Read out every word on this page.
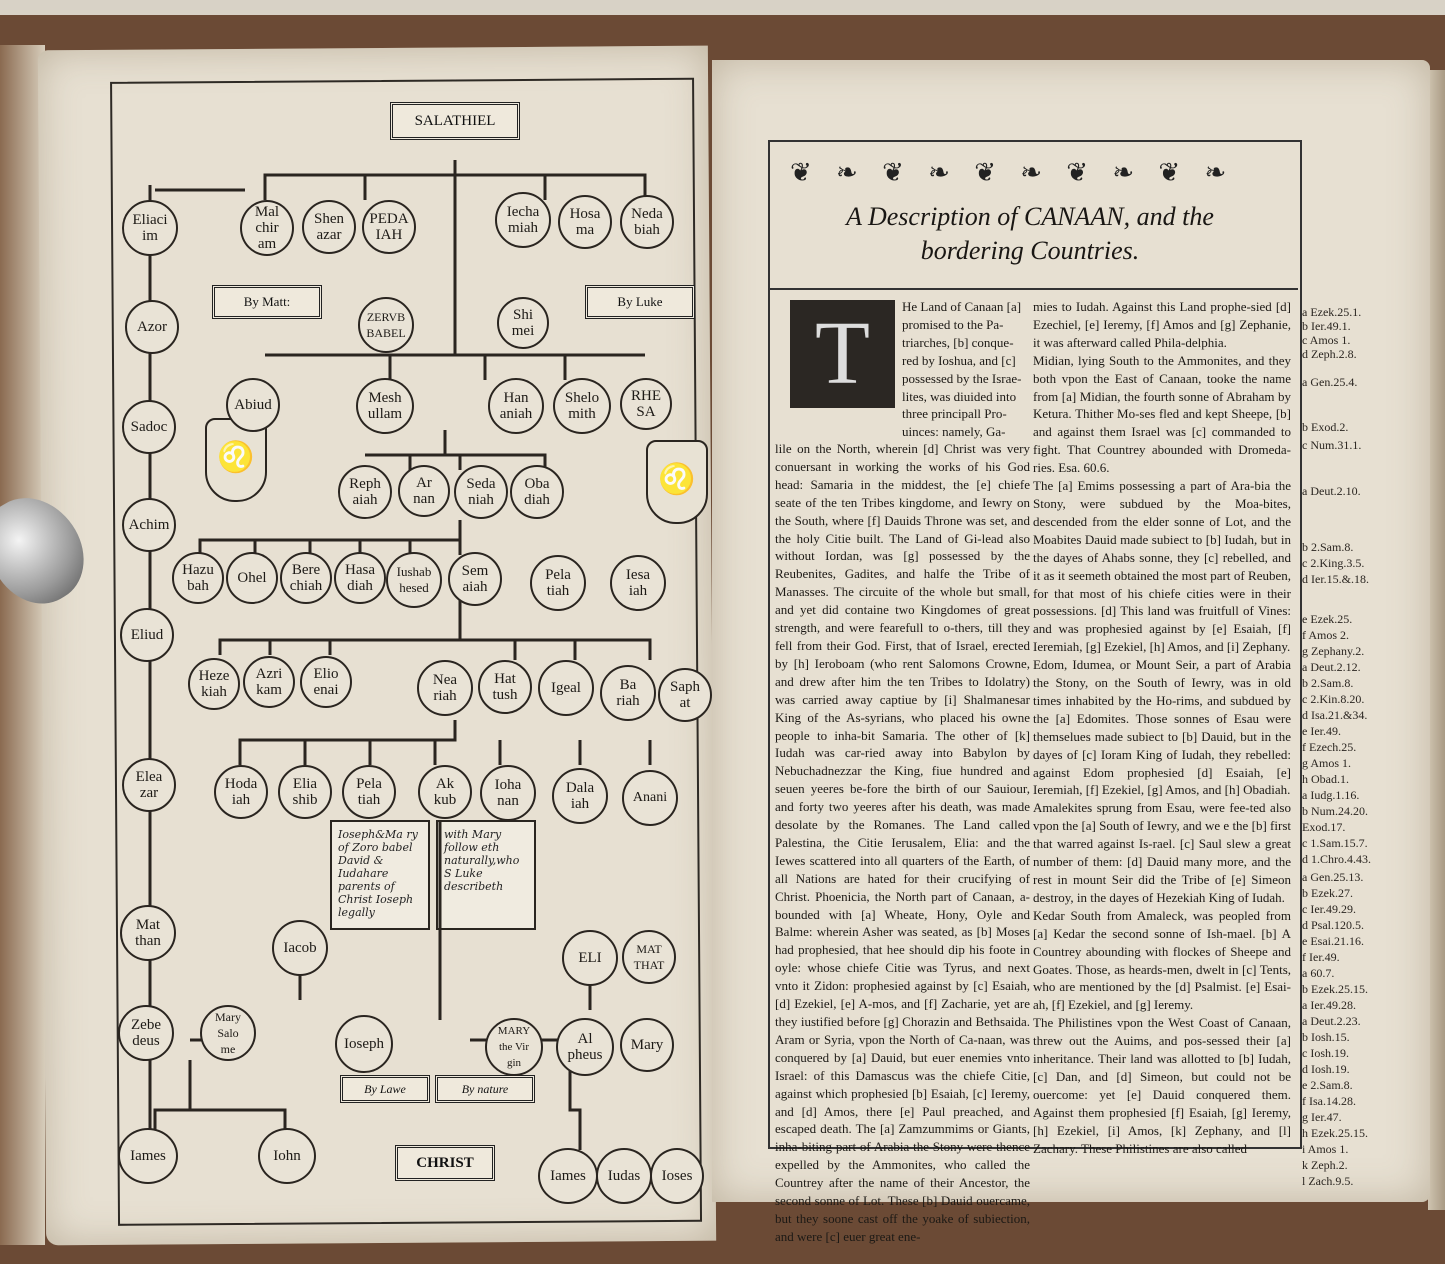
SALATHIEL
By Matt:	By Luke
♌
♌
Ioseph&Ma ry of Zoro babel David & Iudahare parents of Christ Ioseph legally
with Mary follow eth naturally,who S Luke describeth
By Lawe	By nature
CHRIST
Eliaci
im
Mal
chir
am
Shen
azar
PEDA
IAH
Iecha
miah
Hosa
ma
Neda
biah
Azor
ZERVB
BABEL
Shi
mei
Abiud	Mesh
ullam
Han
aniah
Shelo
mith
RHE
SA
Sadoc
Reph
aiah
Ar
nan
Seda
niah
Oba
diah
Achim
Hazu
bah	Ohel Bere
chiah
Hasa
diah
Iushab
hesed
Sem
aiah
Pela
tiah
Iesa
iah
Eliud
Heze
kiah
Azri
kam
Elio
enai
Nea
riah
Hat
tush Igeal	Ba
riah
Saph
at
Elea
zar
Hoda
iah
Elia
shib
Pela
tiah
Ak
kub
Ioha
nan
Dala
iah	Anani
Mat
than	Iacob
ELI
MAT
THAT
Zebe
deus
Mary
Salo
me	Ioseph
MARY
the Vir
gin
Al
pheus
Mary
Iames	Iohn
Iames Iudas Ioses
❦ ❧ ❦ ❧ ❦ ❧ ❦ ❧ ❦ ❧
A Description of CANAAN, and the
bordering Countries.
T	He Land of Canaan [a]
promised to the Pa-
triarches, [b] conque-
red by Ioshua, and [c]
possessed by the Israe-
lites, was diuided into
three principall Pro-
uinces: namely, Ga-
lile on the North, wherein [d] Christ was very conuersant in working the works of his God head: Samaria in the middest, the [e] chiefe seate of the ten Tribes kingdome, and Iewry on the South, where [f] Dauids Throne was set, and the holy Citie built. The Land of Gi-lead also without Iordan, was [g] possessed by the Reubenites, Gadites, and halfe the Tribe of Manasses. The circuite of the whole but small, and yet did containe two Kingdomes of great strength, and were fearefull to o-thers, till they fell from their God. First, that of Israel, erected by [h] Ieroboam (who rent Salomons Crowne, and drew after him the ten Tribes to Idolatry) was carried away captiue by [i] Shalmanesar King of the As-syrians, who placed his owne people to inha-bit Samaria. The other of [k] Iudah was car-ried away into Babylon by Nebuchadnezzar the King, fiue hundred and seuen yeeres be-fore the birth of our Sauiour, and forty two yeeres after his death, was made desolate by the Romanes. The Land called Palestina, the Citie Ierusalem, Elia: and the Iewes scattered into all quarters of the Earth, of all Nations are hated for their crucifying of Christ. Phoenicia, the North part of Canaan, a-bounded with [a] Wheate, Hony, Oyle and Balme: wherein Asher was seated, as [b] Moses had prophesied, that hee should dip his foote in oyle: whose chiefe Citie was Tyrus, and next vnto it Zidon: prophesied against by [c] Esaiah, [d] Ezekiel, [e] A-mos, and [f] Zacharie, yet are they iustified before [g] Chorazin and Bethsaida. Aram or Syria, vpon the North of Ca-naan, was conquered by [a] Dauid, but euer enemies vnto Israel: of this Damascus was the chiefe Citie, against which prophesied [b] Esaiah, [c] Ieremy, and [d] Amos, there [e] Paul preached, and escaped death. The [a] Zamzummims or Giants, inha-biting part of Arabia the Stony were thence expelled by the Ammonites, who called the Countrey after the name of their Ancestor, the second sonne of Lot. These [b] Dauid ouercame, but they soone cast off the yoake of subiection, and were [c] euer great ene-
mies to Iudah. Against this Land prophe-sied [d] Ezechiel, [e] Ieremy, [f] Amos and [g] Zephanie, it was afterward called Phila-delphia.
Midian, lying South to the Ammonites, and they both vpon the East of Canaan, tooke the name from [a] Midian, the fourth sonne of Abraham by Ketura. Thither Mo-ses fled and kept Sheepe, [b] and against them Israel was [c] commanded to fight. That Countrey abounded with Dromeda-ries. Esa. 60.6.
The [a] Emims possessing a part of Ara-bia the Stony, were subdued by the Moa-bites, descended from the elder sonne of Lot, and the Moabites Dauid made subiect to [b] Iudah, but in the dayes of Ahabs sonne, they [c] rebelled, and it as it seemeth obtained the most part of Reuben, for that most of his chiefe cities were in their possessions. [d] This land was fruitfull of Vines: and was prophesied against by [e] Esaiah, [f] Ieremiah, [g] Ezekiel, [h] Amos, and [i] Zephany.
Edom, Idumea, or Mount Seir, a part of Arabia the Stony, on the South of Iewry, was in old times inhabited by the Ho-rims, and subdued by the [a] Edomites. Those sonnes of Esau were themselues made subiect to [b] Dauid, but in the dayes of [c] Ioram King of Iudah, they rebelled: against Edom prophesied [d] Esaiah, [e] Ieremiah, [f] Ezekiel, [g] Amos, and [h] Obadiah.
Amalekites sprung from Esau, were fee-ted also vpon the [a] South of Iewry, and we e the [b] first that warred against Is-rael. [c] Saul slew a great number of them: [d] Dauid many more, and the rest in mount Seir did the Tribe of [e] Simeon destroy, in the dayes of Hezekiah King of Iudah.
Kedar South from Amaleck, was peopled from [a] Kedar the second sonne of Ish-mael. [b] A Countrey abounding with flockes of Sheepe and Goates. Those, as heards-men, dwelt in [c] Tents, who are mentioned by the [d] Psalmist. [e] Esai-ah, [f] Ezekiel, and [g] Ieremy.
The Philistines vpon the West Coast of Canaan, threw out the Auims, and pos-sessed their [a] inheritance. Their land was allotted to [b] Iudah, [c] Dan, and [d] Simeon, but could not be ouercome: yet [e] Dauid conquered them. Against them prophesied [f] Esaiah, [g] Ieremy, [h] Ezekiel, [i] Amos, [k] Zephany, and [l] Zachary. These Philistines are also called
a Ezek.25.1.
b Ier.49.1.
c Amos 1.
d Zeph.2.8.
a Gen.25.4.
b Exod.2.
c Num.31.1.
a Deut.2.10.
b 2.Sam.8.
c 2.King.3.5.
d Ier.15.&.18.
e Ezek.25.
f Amos 2.
g Zephany.2.
a Deut.2.12.
b 2.Sam.8.
c 2.Kin.8.20.
d Isa.21.&34.
e Ier.49.
f Ezech.25.
g Amos 1.
h Obad.1.
a Iudg.1.16.
b Num.24.20.
Exod.17.
c 1.Sam.15.7.
d 1.Chro.4.43.
a Gen.25.13.
b Ezek.27.
c Ier.49.29.
d Psal.120.5.
e Esai.21.16.
f Ier.49.
a 60.7.
b Ezek.25.15.
a Ier.49.28.
a Deut.2.23.
b Iosh.15.
c Iosh.19.
d Iosh.19.
e 2.Sam.8.
f Isa.14.28.
g Ier.47.
h Ezek.25.15.
i Amos 1.
k Zeph.2.
l Zach.9.5.
